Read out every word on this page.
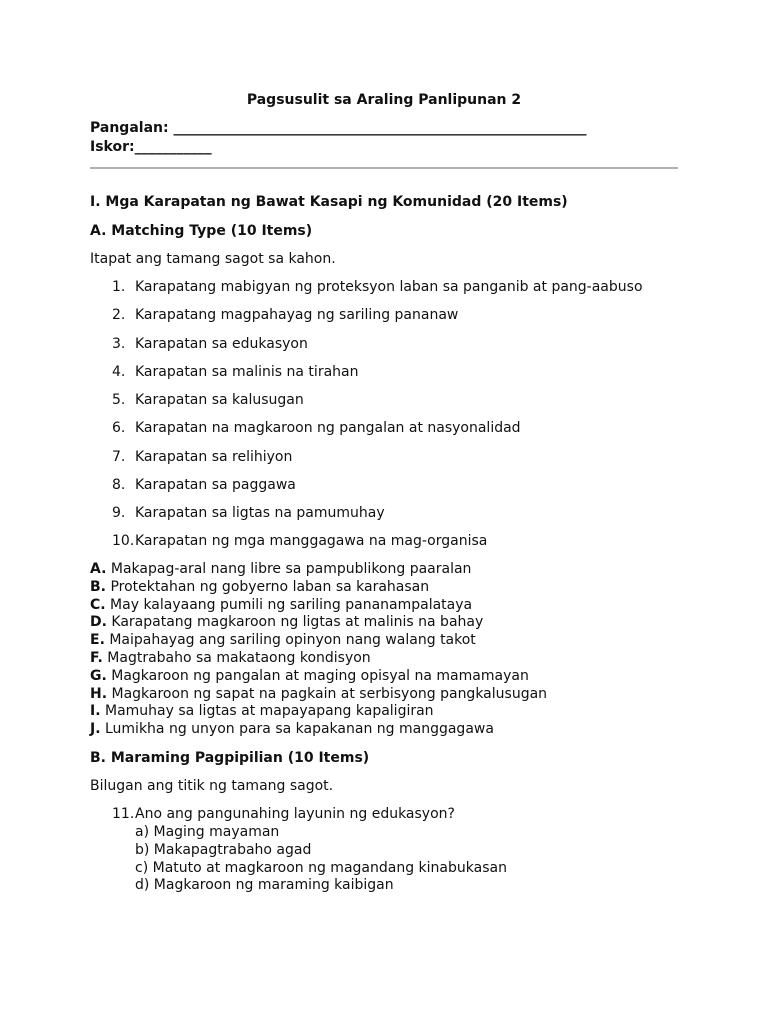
Pagsusulit sa Araling Panlipunan 2
Pangalan: ___________________________________________________________
Iskor:___________
I. Mga Karapatan ng Bawat Kasapi ng Komunidad (20 Items)
A. Matching Type (10 Items)
Itapat ang tamang sagot sa kahon.
1. Karapatang mabigyan ng proteksyon laban sa panganib at pang-aabuso
2. Karapatang magpahayag ng sariling pananaw
3. Karapatan sa edukasyon
4. Karapatan sa malinis na tirahan
5. Karapatan sa kalusugan
6. Karapatan na magkaroon ng pangalan at nasyonalidad
7. Karapatan sa relihiyon
8. Karapatan sa paggawa
9. Karapatan sa ligtas na pamumuhay
10.Karapatan ng mga manggagawa na mag-organisa
A. Makapag-aral nang libre sa pampublikong paaralan
B. Protektahan ng gobyerno laban sa karahasan
C. May kalayaang pumili ng sariling pananampalataya
D. Karapatang magkaroon ng ligtas at malinis na bahay
E. Maipahayag ang sariling opinyon nang walang takot
F. Magtrabaho sa makataong kondisyon
G. Magkaroon ng pangalan at maging opisyal na mamamayan
H. Magkaroon ng sapat na pagkain at serbisyong pangkalusugan
I. Mamuhay sa ligtas at mapayapang kapaligiran
J. Lumikha ng unyon para sa kapakanan ng manggagawa
B. Maraming Pagpipilian (10 Items)
Bilugan ang titik ng tamang sagot.
11.Ano ang pangunahing layunin ng edukasyon?
a) Maging mayaman
b) Makapagtrabaho agad
c) Matuto at magkaroon ng magandang kinabukasan
d) Magkaroon ng maraming kaibigan
